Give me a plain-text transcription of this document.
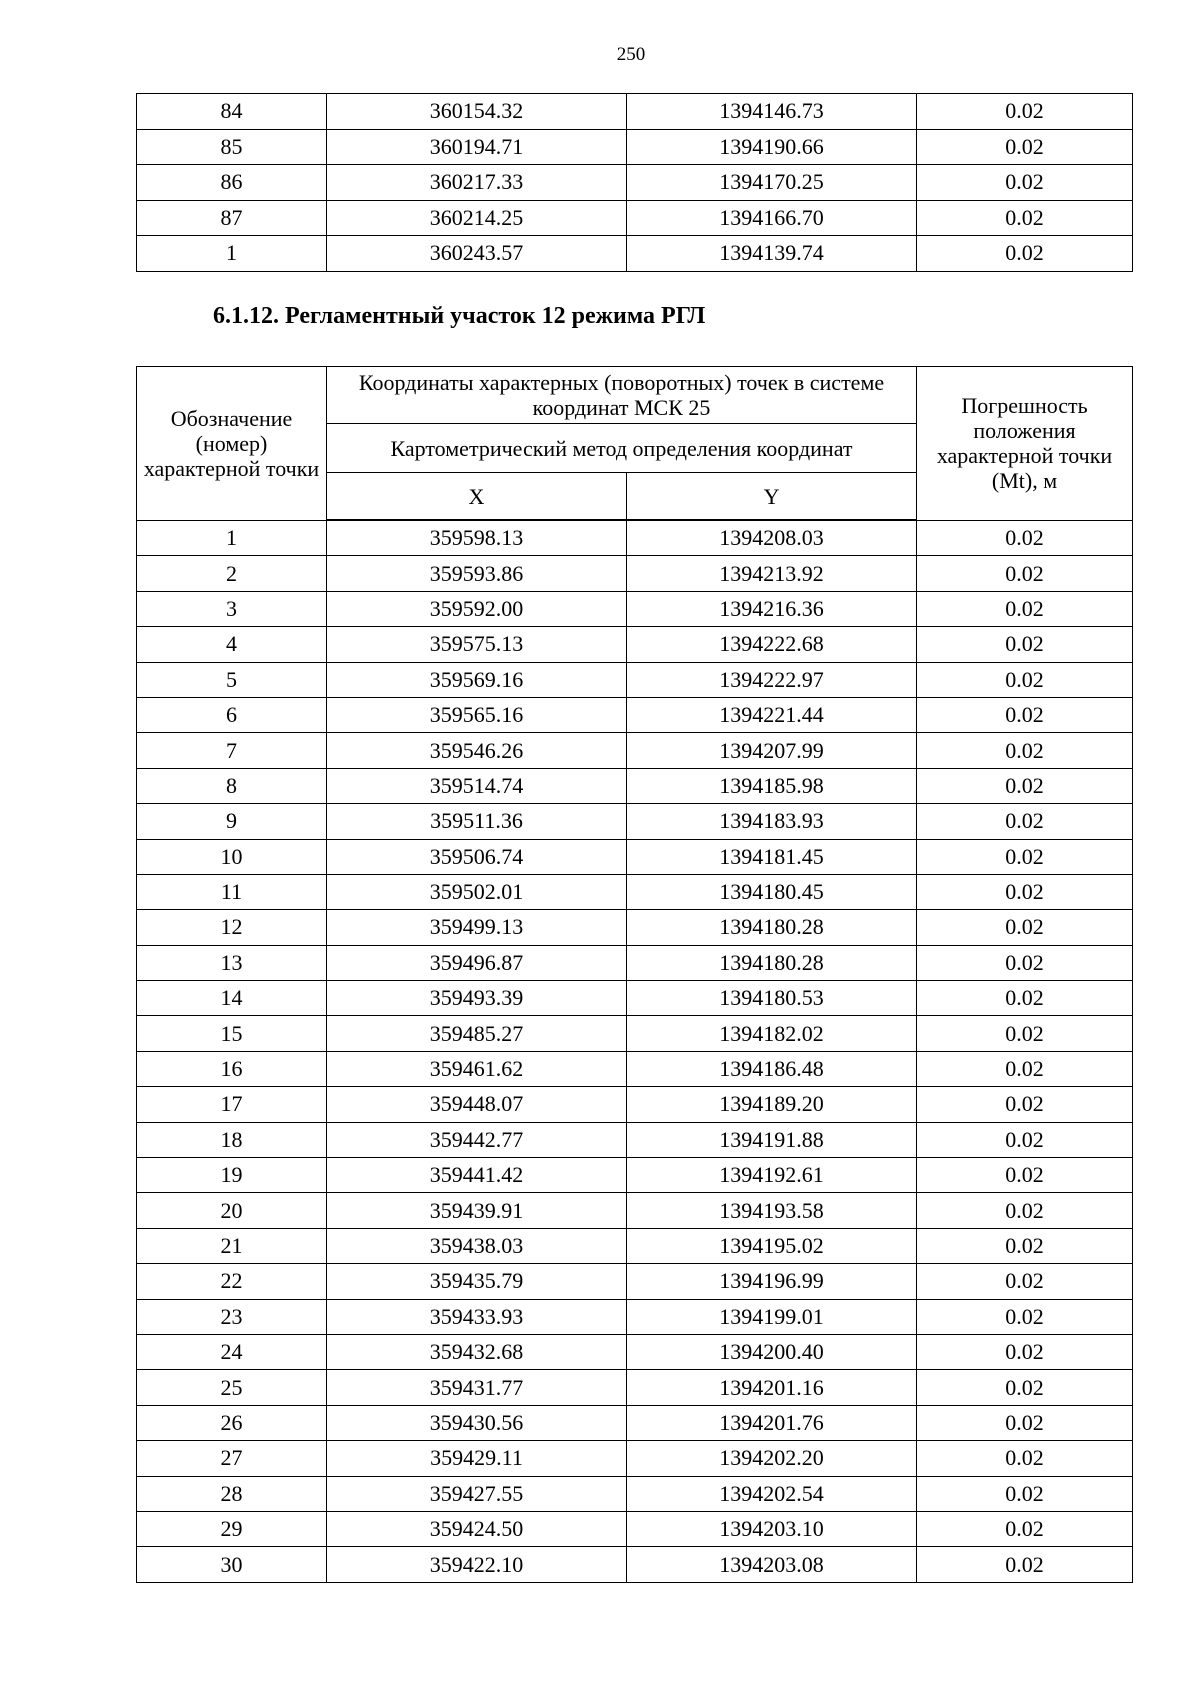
250
84	360154.32	1394146.73	0.02
85	360194.71	1394190.66	0.02
86	360217.33	1394170.25	0.02
87	360214.25	1394166.70	0.02
1	360243.57	1394139.74	0.02
6.1.12. Регламентный участок 12 режима РГЛ
Обозначение (номер) характерной точки	Координаты характерных (поворотных) точек в системе координат МСК 25		Погрешность положения характерной точки (Mt), м
	Картометрический метод определения координат		
	X	Y	
1	359598.13	1394208.03	0.02
2	359593.86	1394213.92	0.02
3	359592.00	1394216.36	0.02
4	359575.13	1394222.68	0.02
5	359569.16	1394222.97	0.02
6	359565.16	1394221.44	0.02
7	359546.26	1394207.99	0.02
8	359514.74	1394185.98	0.02
9	359511.36	1394183.93	0.02
10	359506.74	1394181.45	0.02
11	359502.01	1394180.45	0.02
12	359499.13	1394180.28	0.02
13	359496.87	1394180.28	0.02
14	359493.39	1394180.53	0.02
15	359485.27	1394182.02	0.02
16	359461.62	1394186.48	0.02
17	359448.07	1394189.20	0.02
18	359442.77	1394191.88	0.02
19	359441.42	1394192.61	0.02
20	359439.91	1394193.58	0.02
21	359438.03	1394195.02	0.02
22	359435.79	1394196.99	0.02
23	359433.93	1394199.01	0.02
24	359432.68	1394200.40	0.02
25	359431.77	1394201.16	0.02
26	359430.56	1394201.76	0.02
27	359429.11	1394202.20	0.02
28	359427.55	1394202.54	0.02
29	359424.50	1394203.10	0.02
30	359422.10	1394203.08	0.02
